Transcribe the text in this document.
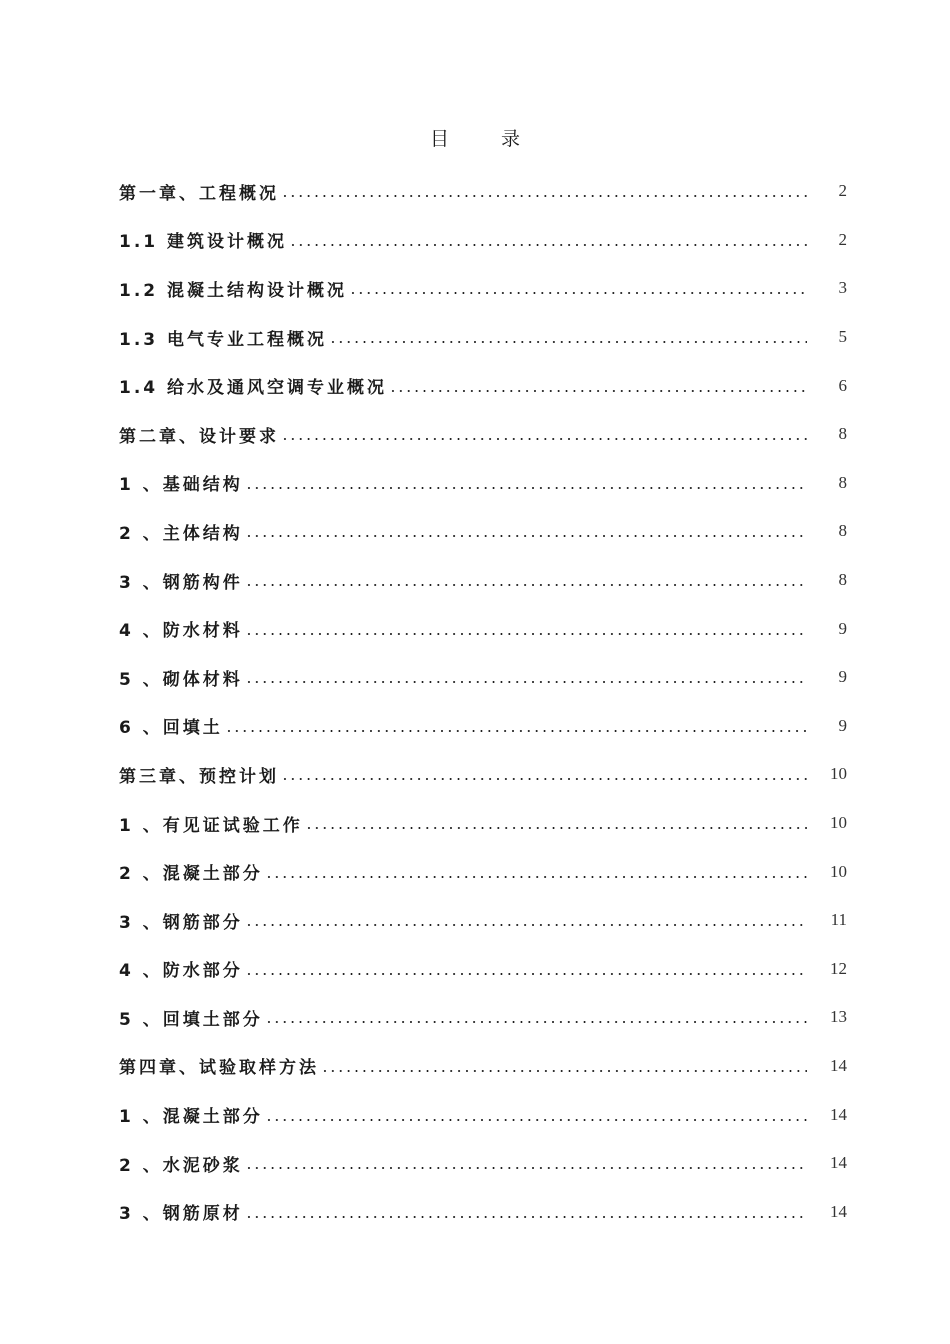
目录
第一章、工程概况	2
1.1 建筑设计概况	2
1.2 混凝土结构设计概况	3
1.3 电气专业工程概况	5
1.4 给水及通风空调专业概况	6
第二章、设计要求	8
1 、基础结构	8
2 、主体结构	8
3 、钢筋构件	8
4 、防水材料	9
5 、砌体材料	9
6 、回填土	9
第三章、预控计划	10
1 、有见证试验工作	10
2 、混凝土部分	10
3 、钢筋部分	11
4 、防水部分	12
5 、回填土部分	13
第四章、试验取样方法	14
1 、混凝土部分	14
2 、水泥砂浆	14
3 、钢筋原材	14
